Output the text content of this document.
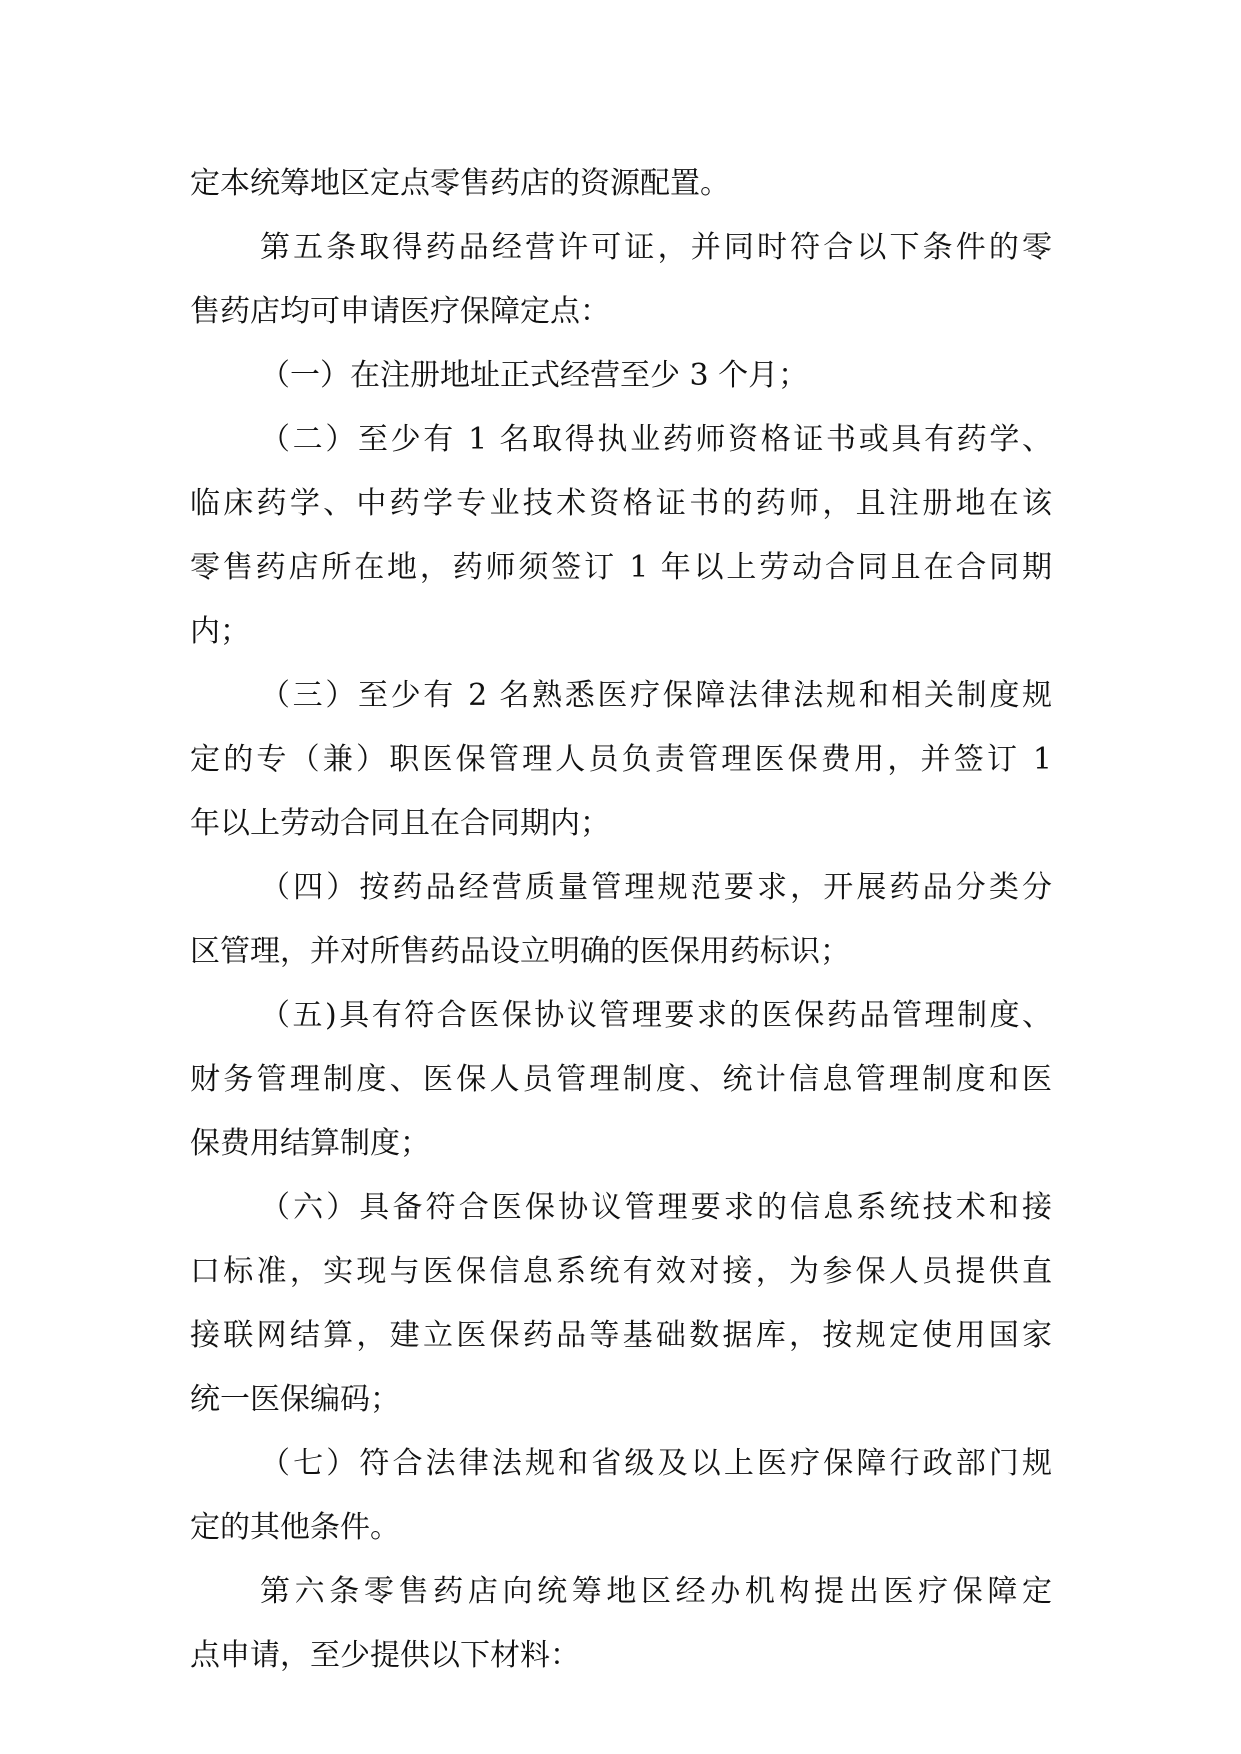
定本统筹地区定点零售药店的资源配置。
第五条取得药品经营许可证，并同时符合以下条件的零
售药店均可申请医疗保障定点：
（一）在注册地址正式经营至少 3 个月；
（二）至少有 1 名取得执业药师资格证书或具有药学、
临床药学、中药学专业技术资格证书的药师，且注册地在该
零售药店所在地，药师须签订 1 年以上劳动合同且在合同期
内；
（三）至少有 2 名熟悉医疗保障法律法规和相关制度规
定的专（兼）职医保管理人员负责管理医保费用，并签订 1
年以上劳动合同且在合同期内；
（四）按药品经营质量管理规范要求，开展药品分类分
区管理，并对所售药品设立明确的医保用药标识；
（五)具有符合医保协议管理要求的医保药品管理制度、
财务管理制度、医保人员管理制度、统计信息管理制度和医
保费用结算制度；
（六）具备符合医保协议管理要求的信息系统技术和接
口标准，实现与医保信息系统有效对接，为参保人员提供直
接联网结算，建立医保药品等基础数据库，按规定使用国家
统一医保编码；
（七）符合法律法规和省级及以上医疗保障行政部门规
定的其他条件。
第六条零售药店向统筹地区经办机构提出医疗保障定
点申请，至少提供以下材料：
